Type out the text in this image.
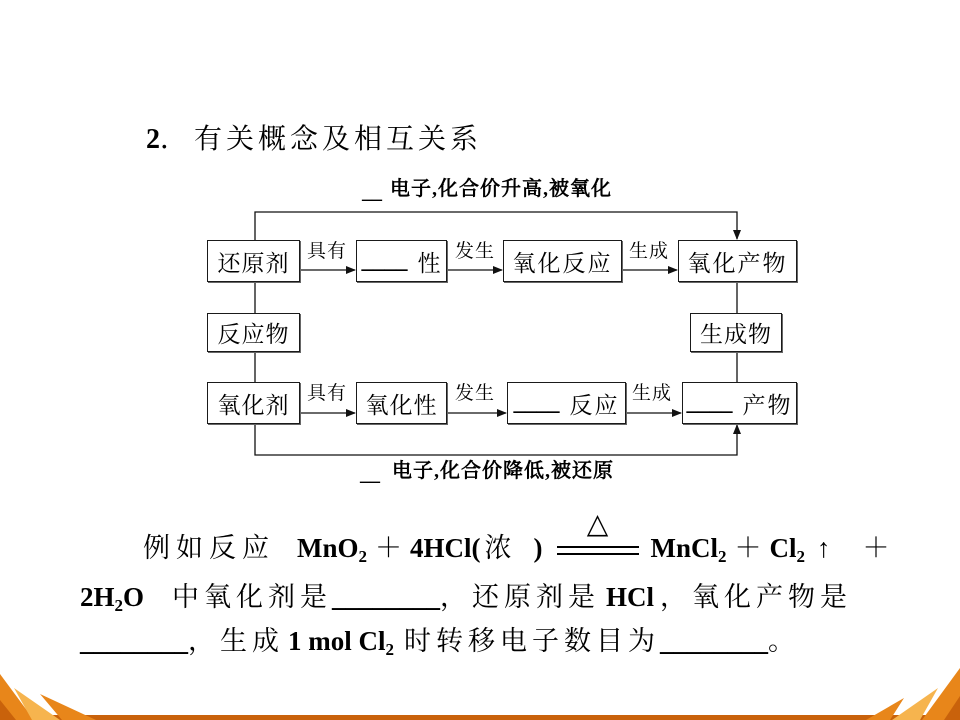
2． 有关概念及相互关系
__ 电子,化合价升高,被氧化
__ 电子,化合价降低,被还原
还原剂 具有 ____ 性 发生 氧化反应 生成 氧化产物
反应物	生成物
氧化剂 具有 氧化性 发生 ____ 反应 生成 ____ 产物
例如反应 MnO$_2$ ＋ 4HCl( 浓 )
△
MnCl$_2$ ＋ $Cl_2$ ↑ ＋
$2H_2O$ 中氧化剂是________，还原剂是 HCl ，氧化产物是
________，生成 1 mol $Cl_2$ 时转移电子数目为________。
